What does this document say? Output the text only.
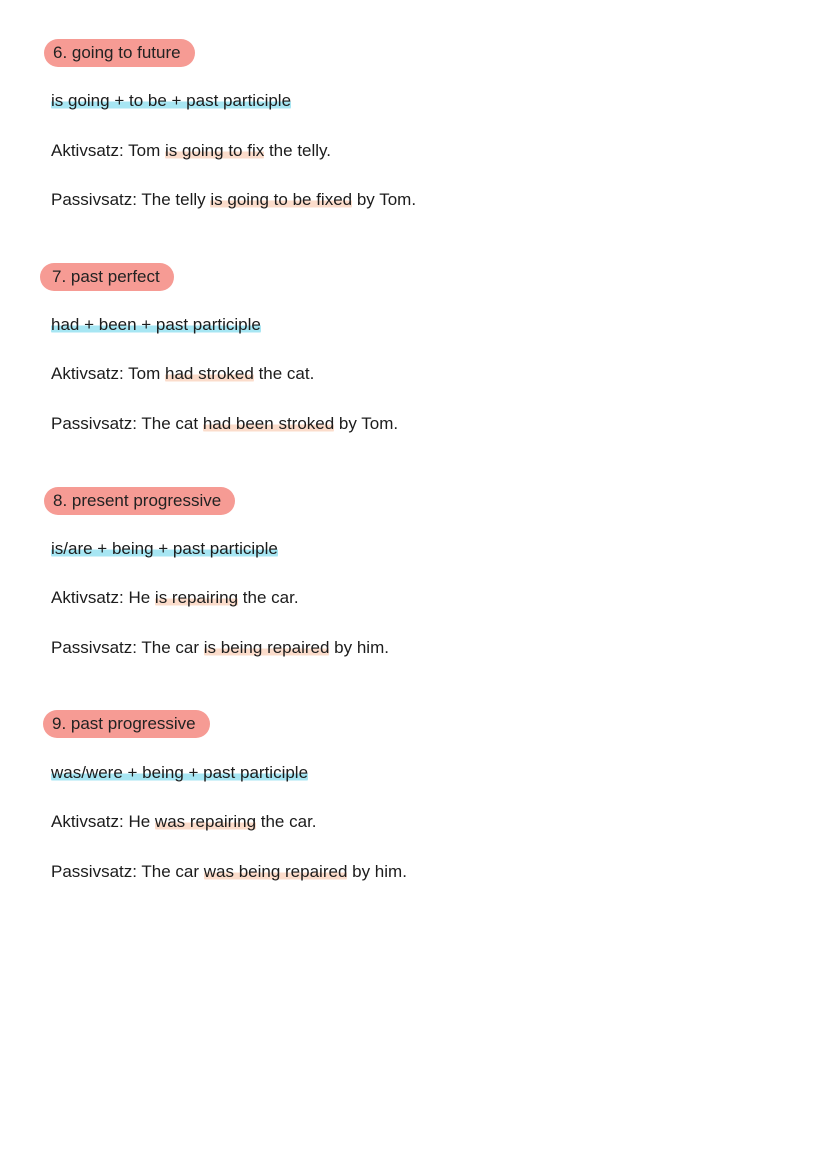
6. going to future
is going + to be + past participle
Aktivsatz: Tom is going to fix the telly.
Passivsatz: The telly is going to be fixed by Tom.
7. past perfect
had + been + past participle
Aktivsatz: Tom had stroked the cat.
Passivsatz: The cat had been stroked by Tom.
8. present progressive
is/are + being + past participle
Aktivsatz: He is repairing the car.
Passivsatz: The car is being repaired by him.
9. past progressive
was/were + being + past participle
Aktivsatz: He was repairing the car.
Passivsatz: The car was being repaired by him.
